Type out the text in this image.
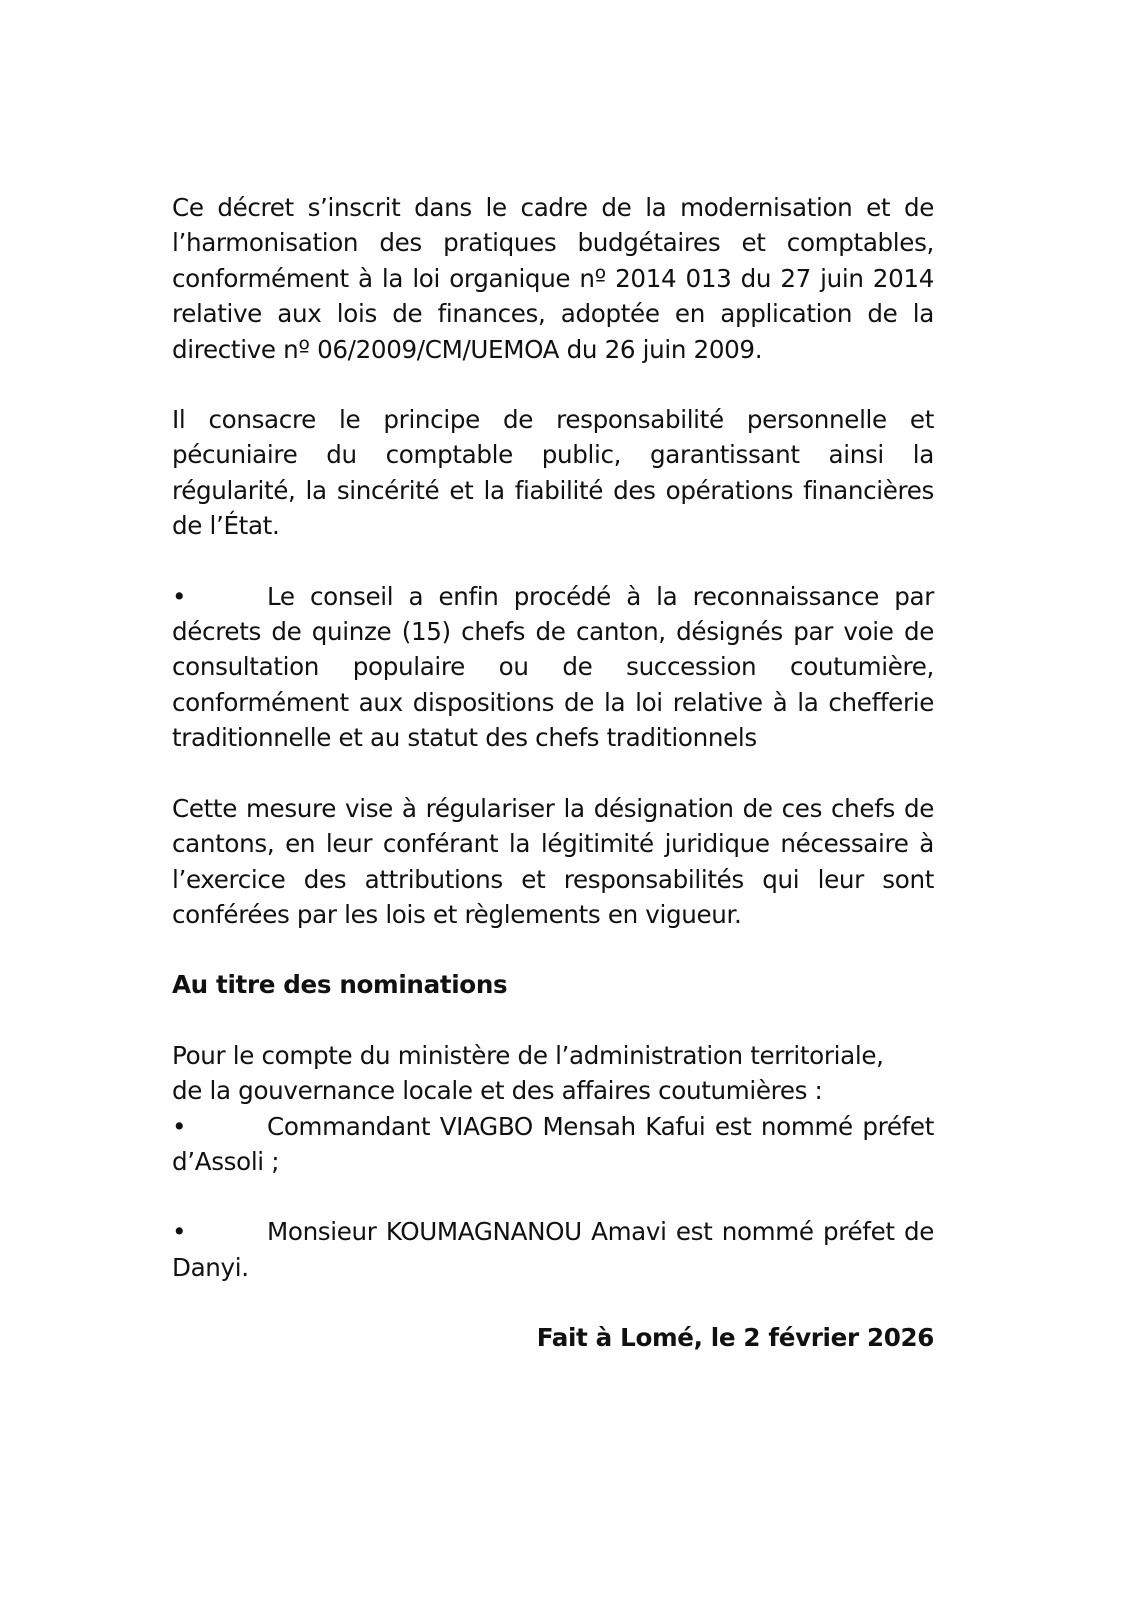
Ce décret s’inscrit dans le cadre de la modernisation et de l’harmonisation des pratiques budgétaires et comptables, conformément à la loi organique nº 2014 013 du 27 juin 2014 relative aux lois de finances, adoptée en application de la directive nº 06/2009/CM/UEMOA du 26 juin 2009.

Il consacre le principe de responsabilité personnelle et pécuniaire du comptable public, garantissant ainsi la régularité, la sincérité et la fiabilité des opérations financières de l’État.

•	Le conseil a enfin procédé à la reconnaissance par décrets de quinze (15) chefs de canton, désignés par voie de consultation populaire ou de succession coutumière, conformément aux dispositions de la loi relative à la chefferie traditionnelle et au statut des chefs traditionnels

Cette mesure vise à régulariser la désignation de ces chefs de cantons, en leur conférant la légitimité juridique nécessaire à l’exercice des attributions et responsabilités qui leur sont conférées par les lois et règlements en vigueur.

Au titre des nominations
Pour le compte du ministère de l’administration territoriale,
de la gouvernance locale et des affaires coutumières :

•	Commandant VIAGBO Mensah Kafui est nommé préfet d’Assoli ;

•	Monsieur KOUMAGNANOU Amavi est nommé préfet de Danyi.

Fait à Lomé, le 2 février 2026
